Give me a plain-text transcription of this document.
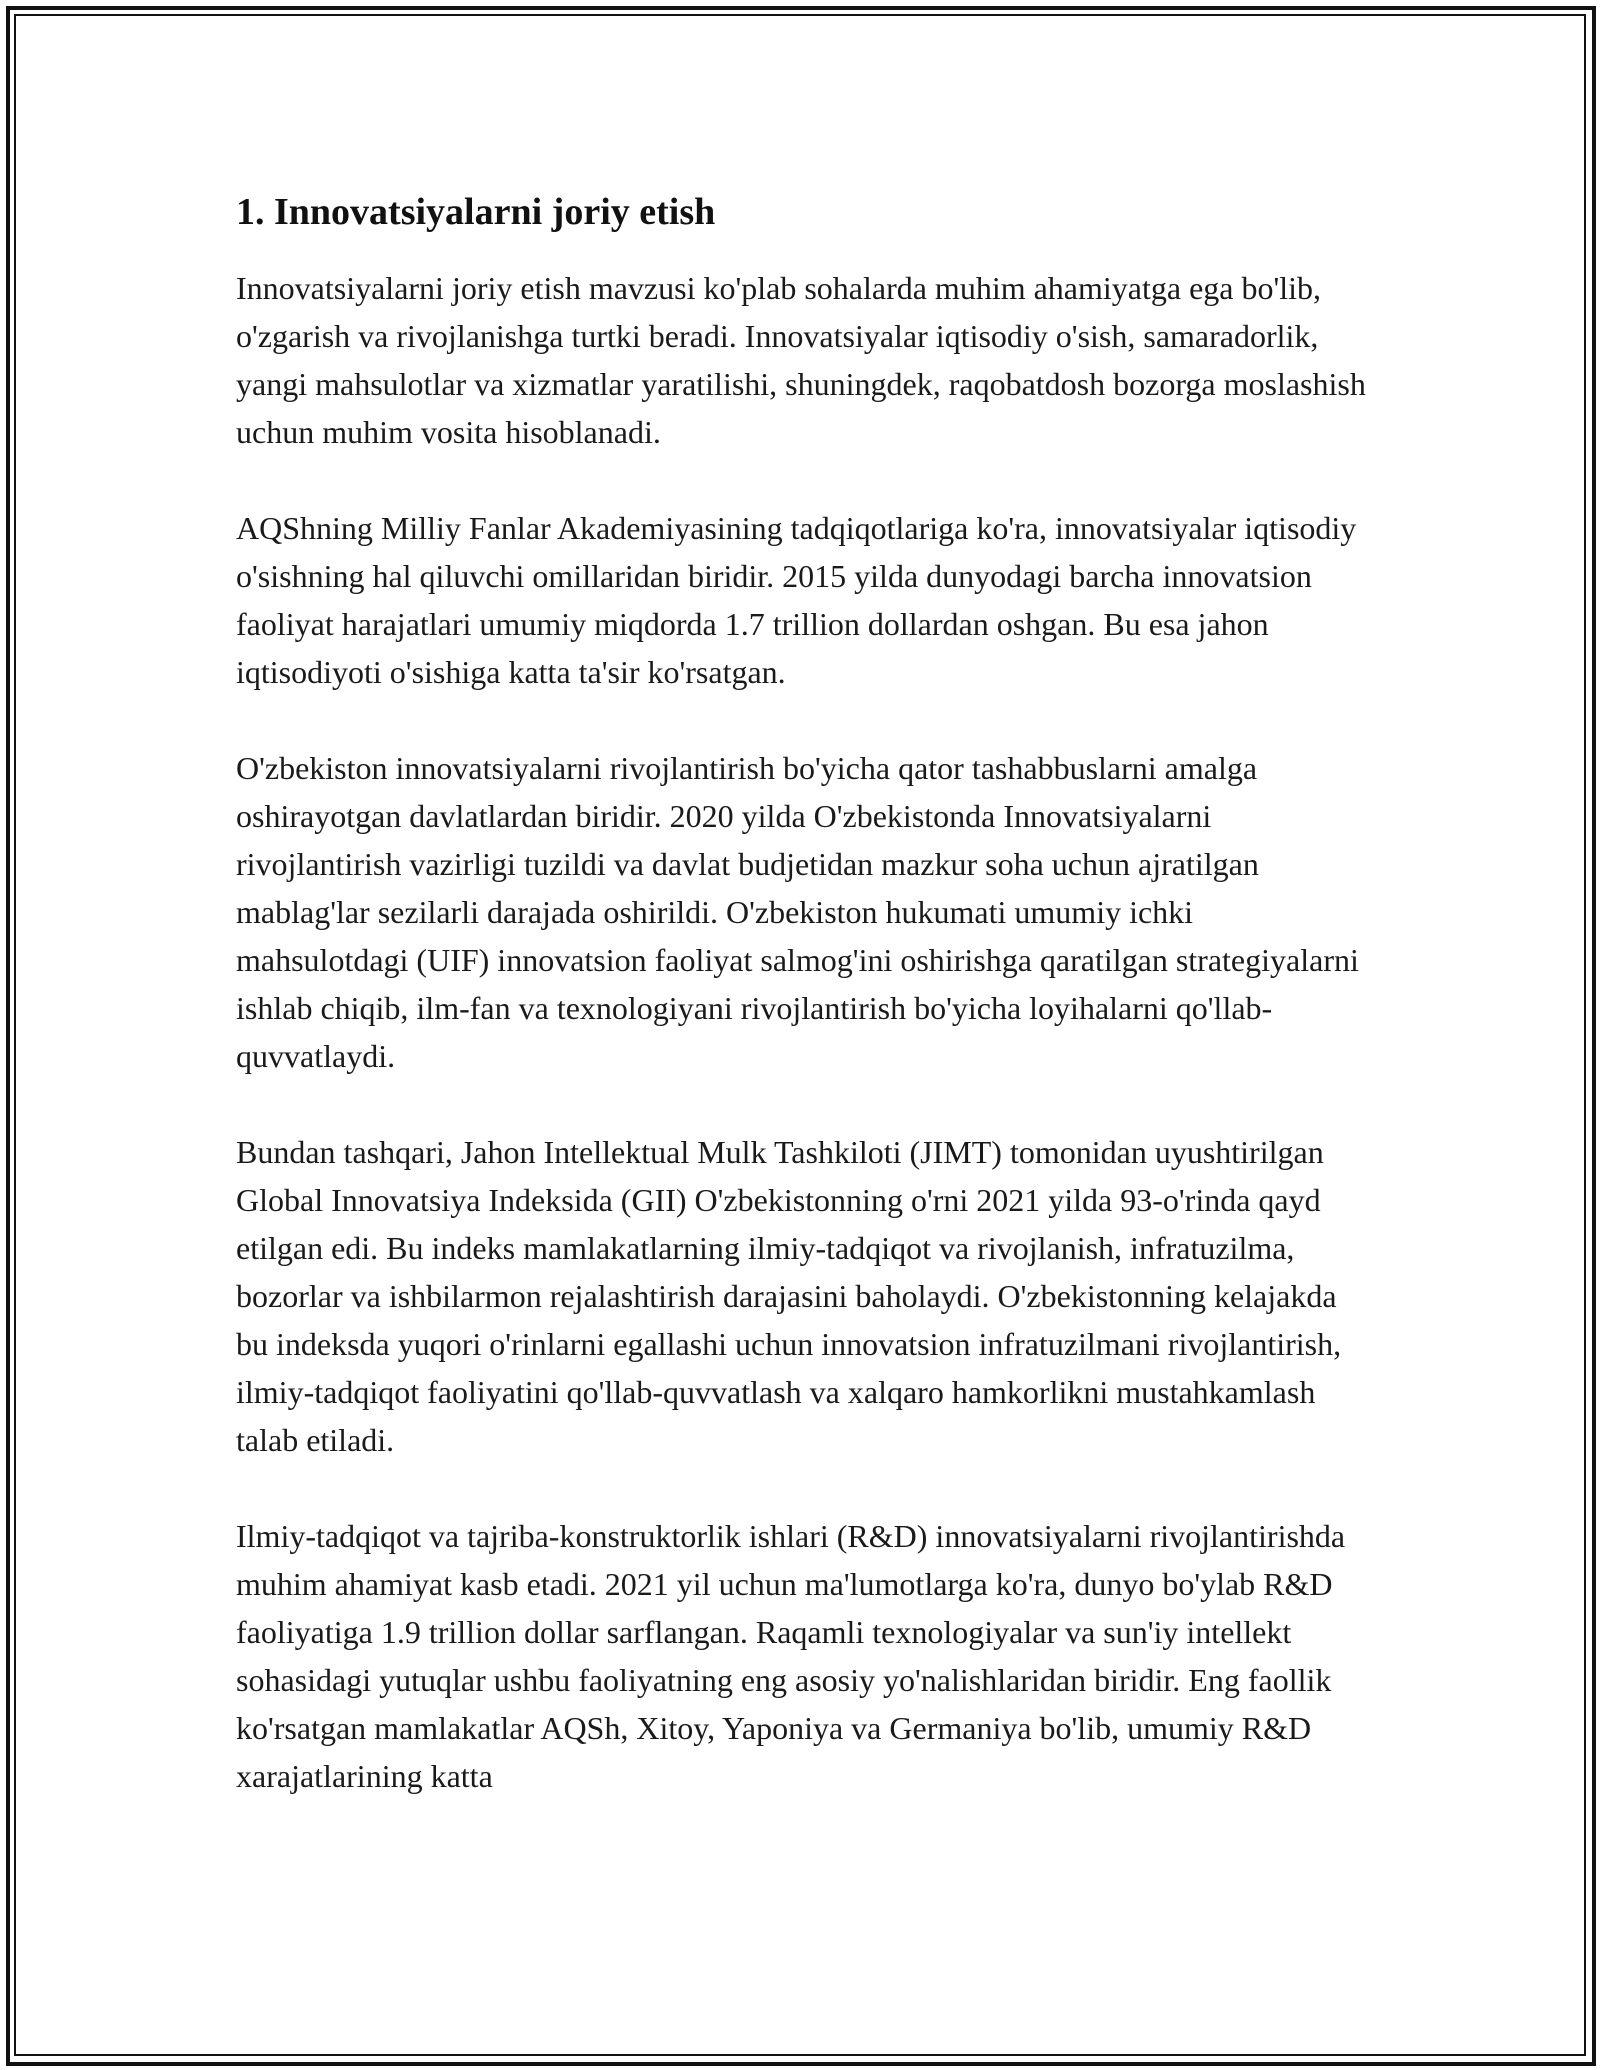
1. Innovatsiyalarni joriy etish

Innovatsiyalarni joriy etish mavzusi ko'plab sohalarda muhim ahamiyatga ega bo'lib, o'zgarish va rivojlanishga turtki beradi. Innovatsiyalar iqtisodiy o'sish, samaradorlik, yangi mahsulotlar va xizmatlar yaratilishi, shuningdek, raqobatdosh bozorga moslashish uchun muhim vosita hisoblanadi.

AQShning Milliy Fanlar Akademiyasining tadqiqotlariga ko'ra, innovatsiyalar iqtisodiy o'sishning hal qiluvchi omillaridan biridir. 2015 yilda dunyodagi barcha innovatsion faoliyat harajatlari umumiy miqdorda 1.7 trillion dollardan oshgan. Bu esa jahon iqtisodiyoti o'sishiga katta ta'sir ko'rsatgan.

O'zbekiston innovatsiyalarni rivojlantirish bo'yicha qator tashabbuslarni amalga oshirayotgan davlatlardan biridir. 2020 yilda O'zbekistonda Innovatsiyalarni rivojlantirish vazirligi tuzildi va davlat budjetidan mazkur soha uchun ajratilgan mablag'lar sezilarli darajada oshirildi. O'zbekiston hukumati umumiy ichki mahsulotdagi (UIF) innovatsion faoliyat salmog'ini oshirishga qaratilgan strategiyalarni ishlab chiqib, ilm-fan va texnologiyani rivojlantirish bo'yicha loyihalarni qo'llab-quvvatlaydi.

Bundan tashqari, Jahon Intellektual Mulk Tashkiloti (JIMT) tomonidan uyushtirilgan Global Innovatsiya Indeksida (GII) O'zbekistonning o'rni 2021 yilda 93-o'rinda qayd etilgan edi. Bu indeks mamlakatlarning ilmiy-tadqiqot va rivojlanish, infratuzilma, bozorlar va ishbilarmon rejalashtirish darajasini baholaydi. O'zbekistonning kelajakda bu indeksda yuqori o'rinlarni egallashi uchun innovatsion infratuzilmani rivojlantirish, ilmiy-tadqiqot faoliyatini qo'llab-quvvatlash va xalqaro hamkorlikni mustahkamlash talab etiladi.

Ilmiy-tadqiqot va tajriba-konstruktorlik ishlari (R&D) innovatsiyalarni rivojlantirishda muhim ahamiyat kasb etadi. 2021 yil uchun ma'lumotlarga ko'ra, dunyo bo'ylab R&D faoliyatiga 1.9 trillion dollar sarflangan. Raqamli texnologiyalar va sun'iy intellekt sohasidagi yutuqlar ushbu faoliyatning eng asosiy yo'nalishlaridan biridir. Eng faollik ko'rsatgan mamlakatlar AQSh, Xitoy, Yaponiya va Germaniya bo'lib, umumiy R&D xarajatlarining katta
